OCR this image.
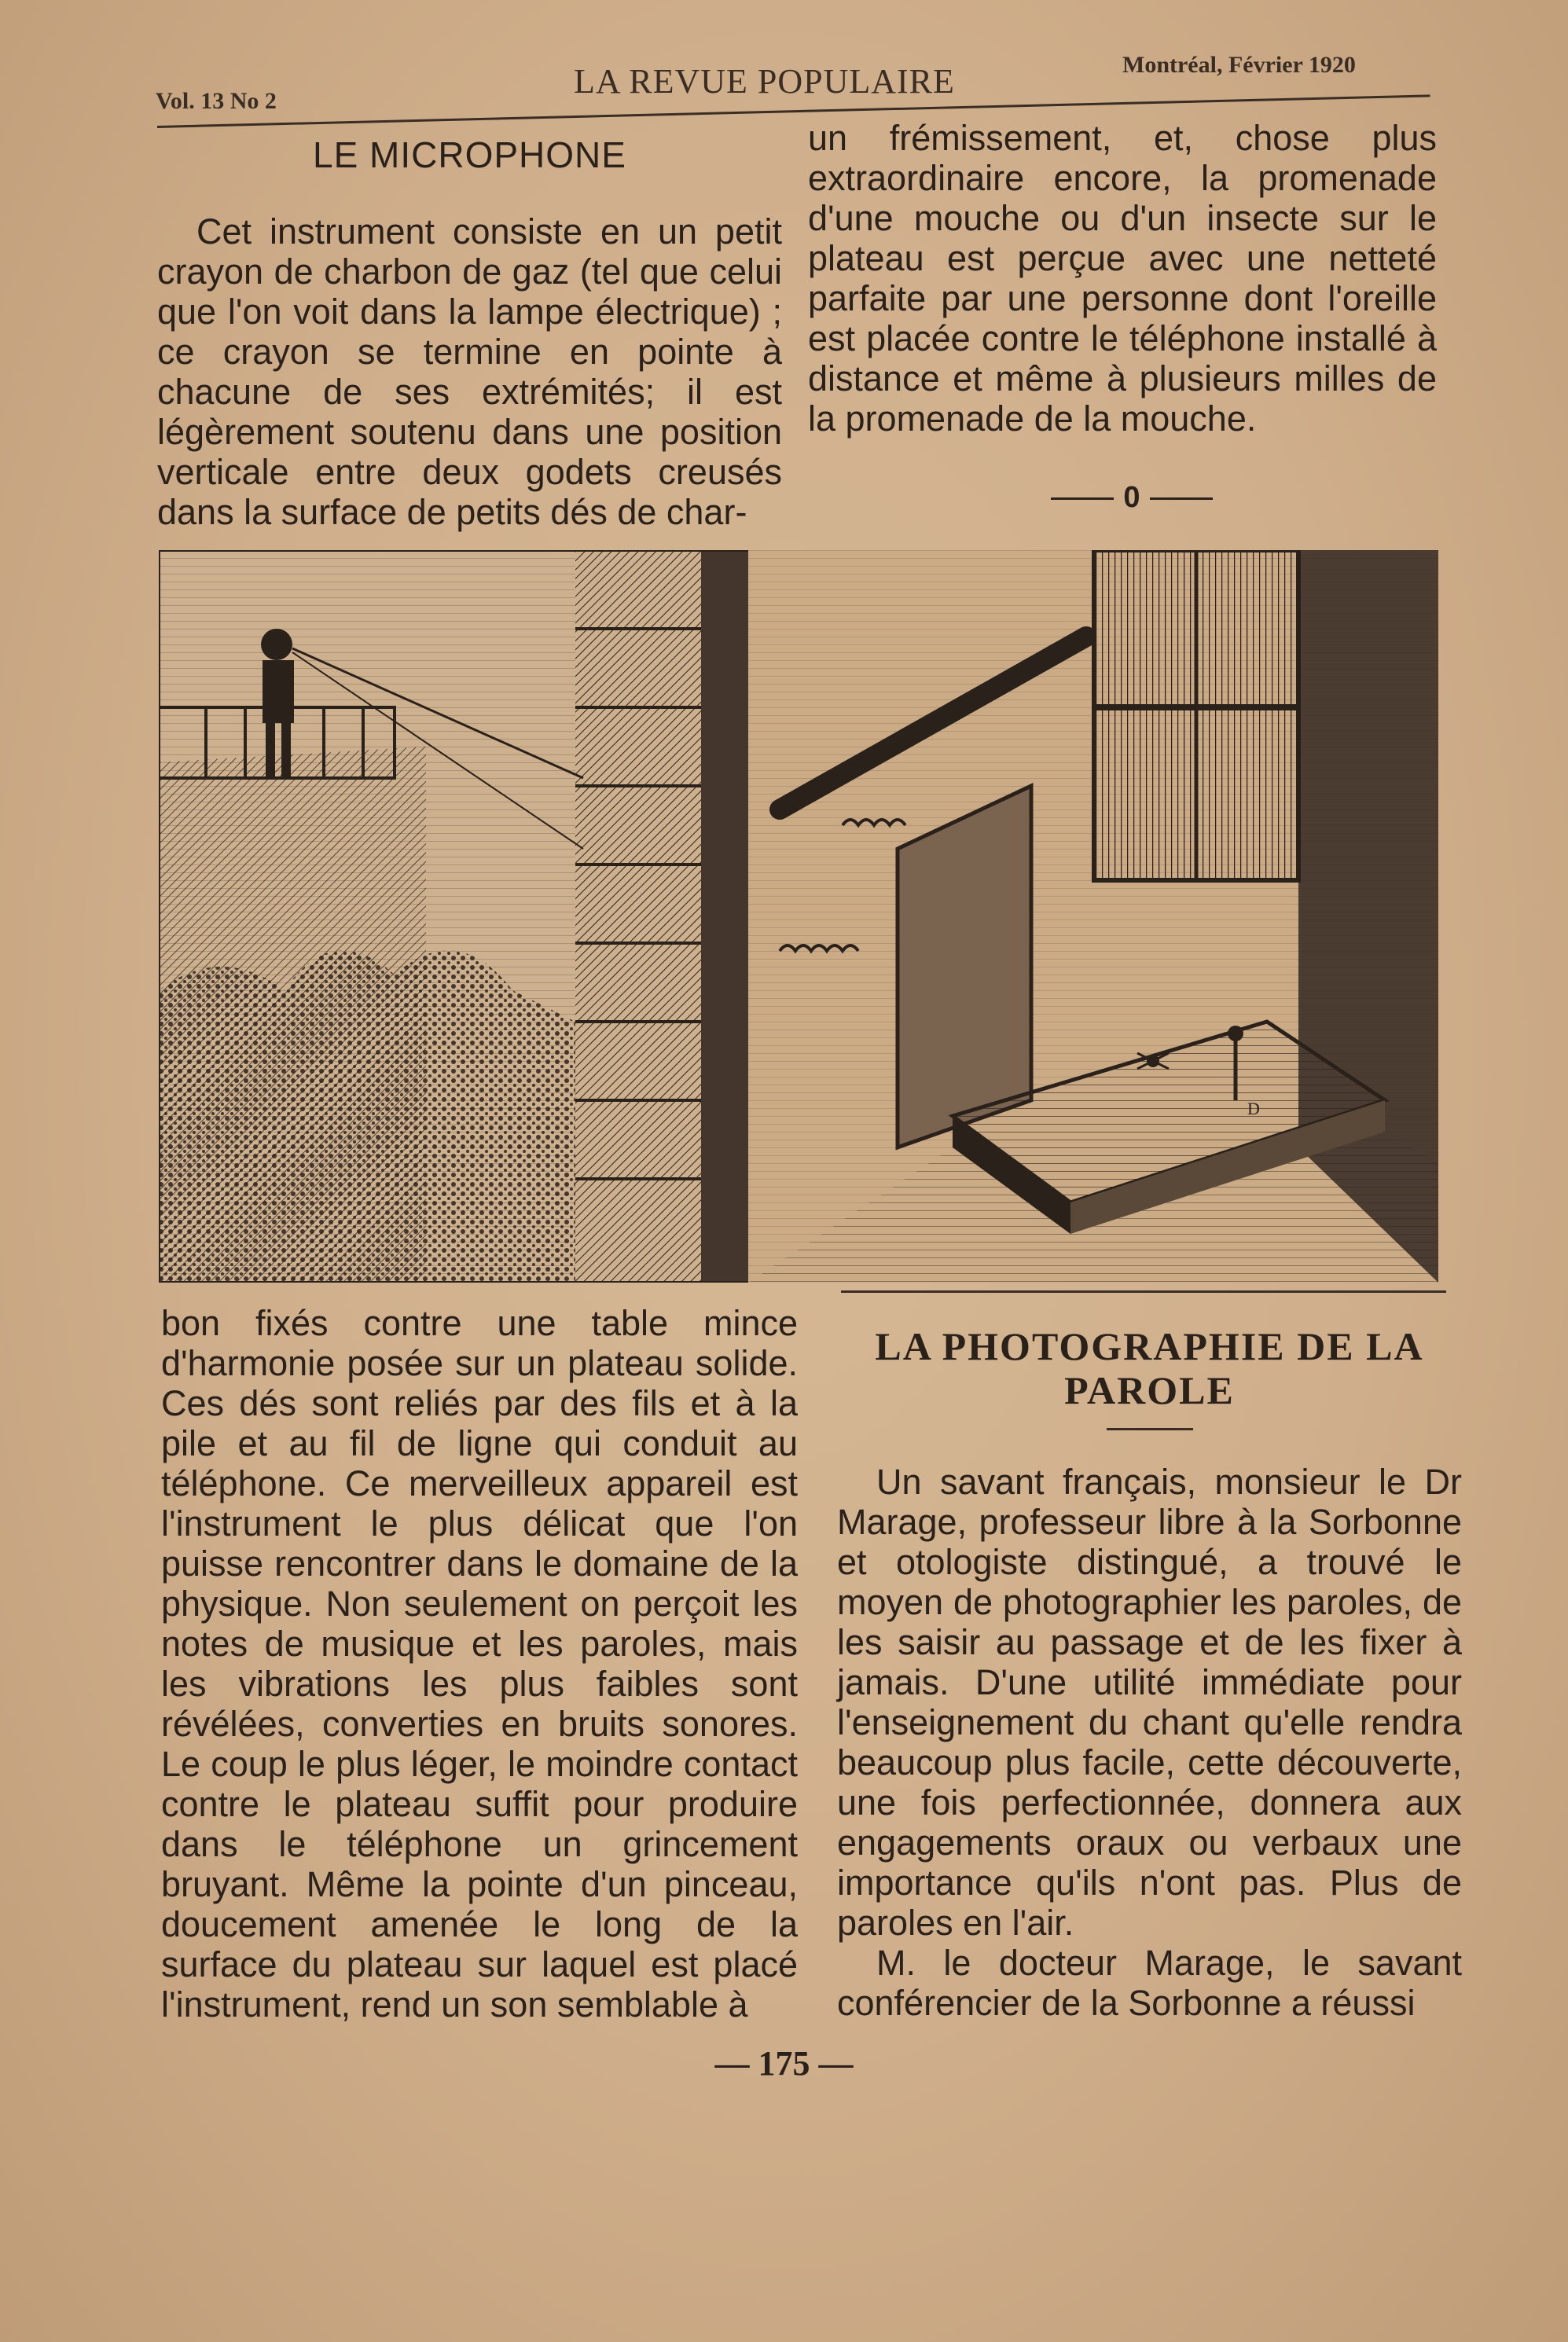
Vol. 13 No 2
LA REVUE POPULAIRE	Montréal, Février 1920
LE MICROPHONE

Cet instrument consiste en un petit crayon de charbon de gaz (tel que celui que l'on voit dans la lampe électrique) ; ce crayon se termine en pointe à chacune de ses extrémités; il est légèrement soutenu dans une position verticale entre deux godets creusés dans la surface de petits dés de char-

un frémissement, et, chose plus extraordinaire encore, la promenade d'une mouche ou d'un insecte sur le plateau est perçue avec une netteté parfaite par une personne dont l'oreille est placée contre le téléphone installé à distance et même à plusieurs milles de la promenade de la mouche.

0
D

bon fixés contre une table mince d'harmonie posée sur un plateau solide. Ces dés sont reliés par des fils et à la pile et au fil de ligne qui conduit au téléphone. Ce merveilleux appareil est l'instrument le plus délicat que l'on puisse rencontrer dans le domaine de la physique. Non seulement on perçoit les notes de musique et les paroles, mais les vibrations les plus faibles sont révélées, converties en bruits sonores. Le coup le plus léger, le moindre contact contre le plateau suffit pour produire dans le téléphone un grincement bruyant. Même la pointe d'un pinceau, doucement amenée le long de la surface du plateau sur laquel est placé l'instrument, rend un son semblable à

LA PHOTOGRAPHIE DE LA PAROLE

Un savant français, monsieur le Dr Marage, professeur libre à la Sorbonne et otologiste distingué, a trouvé le moyen de photographier les paroles, de les saisir au passage et de les fixer à jamais. D'une utilité immédiate pour l'enseignement du chant qu'elle rendra beaucoup plus facile, cette découverte, une fois perfectionnée, donnera aux engagements oraux ou verbaux une importance qu'ils n'ont pas. Plus de paroles en l'air.

M. le docteur Marage, le savant conférencier de la Sorbonne a réussi

— 175 —
